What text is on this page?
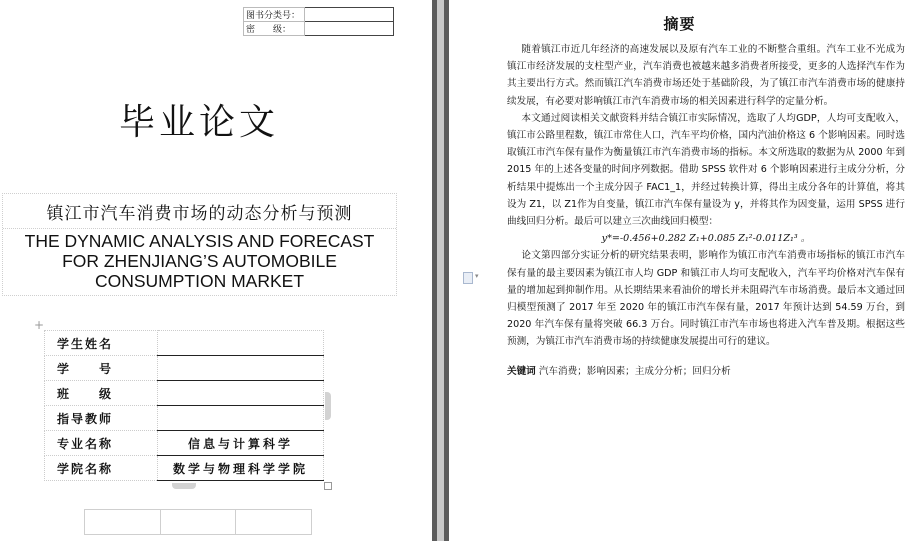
图书分类号：	
密　　级：	
毕业论文
镇江市汽车消费市场的动态分析与预测
THE DYNAMIC ANALYSIS AND FORECAST
FOR ZHENJIANG’S AUTOMOBILE
CONSUMPTION MARKET
+
学生姓名	
学　　号	
班　　级	
指导教师	
专业名称	信息与计算科学
学院名称	数学与物理科学学院

摘要
▾

随着镇江市近几年经济的高速发展以及原有汽车工业的不断整合重组。汽车工业不光成为镇江市经济发展的支柱型产业，汽车消费也被越来越多消费者所接受，更多的人选择汽车作为其主要出行方式。然而镇江汽车消费市场还处于基础阶段，为了镇江市汽车消费市场的健康持续发展，有必要对影响镇江市汽车消费市场的相关因素进行科学的定量分析。

本文通过阅读相关文献资料并结合镇江市实际情况，选取了人均GDP，人均可支配收入，镇江市公路里程数，镇江市常住人口，汽车平均价格，国内汽油价格这 6 个影响因素。同时选取镇江市汽车保有量作为衡量镇江市汽车消费市场的指标。本文所选取的数据为从 2000 年到 2015 年的上述各变量的时间序列数据。借助 SPSS 软件对 6 个影响因素进行主成分分析，分析结果中提炼出一个主成分因子 FAC1_1，并经过转换计算，得出主成分各年的计算值，将其设为 Z1，以 Z1作为自变量，镇江市汽车保有量设为 y，并将其作为因变量，运用 SPSS 进行曲线回归分析。最后可以建立三次曲线回归模型：

y*=-0.456+0.282 Z₁+0.085 Z₁²-0.011Z₁³ 。

论文第四部分实证分析的研究结果表明，影响作为镇江市汽车消费市场指标的镇江市汽车保有量的最主要因素为镇江市人均 GDP 和镇江市人均可支配收入，汽车平均价格对汽车保有量的增加起到抑制作用。从长期结果来看油价的增长并未阻碍汽车市场消费。最后本文通过回归模型预测了 2017 年至 2020 年的镇江市汽车保有量，2017 年预计达到 54.59 万台，到 2020 年汽车保有量将突破 66.3 万台。同时镇江市汽车市场也将进入汽车普及期。根据这些预测，为镇江市汽车消费市场的持续健康发展提出可行的建议。

关键词 汽车消费；影响因素；主成分分析；回归分析
